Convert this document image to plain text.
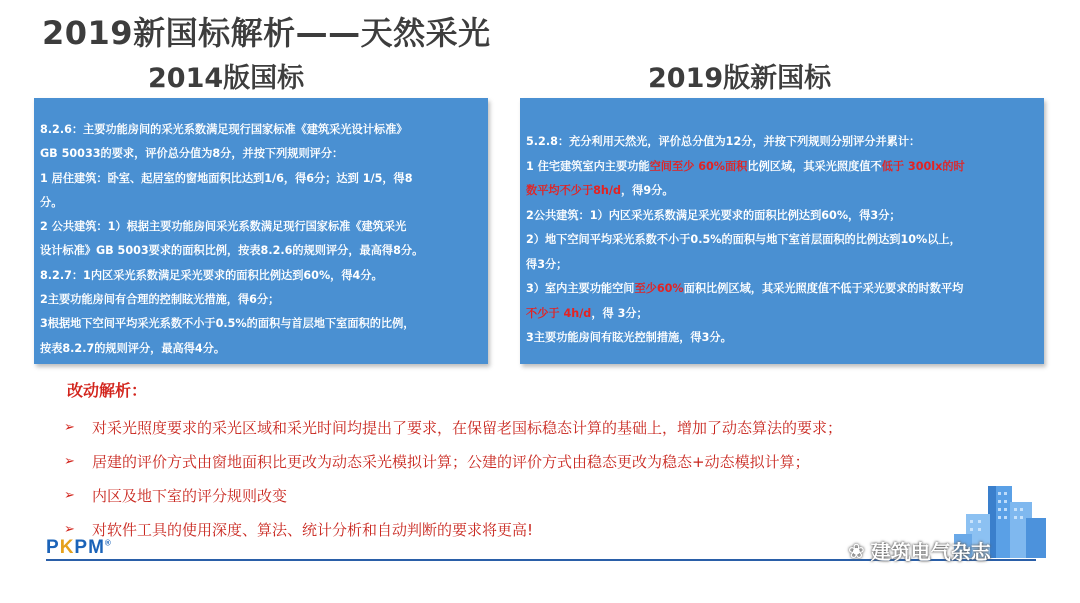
2019新国标解析——天然采光
2014版国标	2019版新国标

8.2.6：主要功能房间的采光系数满足现行国家标准《建筑采光设计标准》

GB 50033的要求，评价总分值为8分，并按下列规则评分：

1 居住建筑：卧室、起居室的窗地面积比达到1/6，得6分；达到 1/5，得8

分。

2 公共建筑：1）根据主要功能房间采光系数满足现行国家标准《建筑采光

设计标准》GB 5003要求的面积比例，按表8.2.6的规则评分，最高得8分。

8.2.7：1内区采光系数满足采光要求的面积比例达到60%，得4分。

2主要功能房间有合理的控制眩光措施，得6分；

3根据地下空间平均采光系数不小于0.5%的面积与首层地下室面积的比例，

按表8.2.7的规则评分，最高得4分。

5.2.8：充分利用天然光，评价总分值为12分，并按下列规则分别评分并累计：

1 住宅建筑室内主要功能空间至少 60%面积比例区域，其采光照度值不低于 300lx的时

数平均不少于8h/d，得9分。

2公共建筑：1）内区采光系数满足采光要求的面积比例达到60%，得3分；

2）地下空间平均采光系数不小于0.5%的面积与地下室首层面积的比例达到10%以上，

得3分；

3）室内主要功能空间至少60%面积比例区域，其采光照度值不低于采光要求的时数平均

不少于 4h/d，得 3分；

3主要功能房间有眩光控制措施，得3分。

改动解析：
➢	对采光照度要求的采光区域和采光时间均提出了要求，在保留老国标稳态计算的基础上，增加了动态算法的要求；
➢	居建的评价方式由窗地面积比更改为动态采光模拟计算；公建的评价方式由稳态更改为稳态+动态模拟计算；
➢	内区及地下室的评分规则改变
➢	对软件工具的使用深度、算法、统计分析和自动判断的要求将更高!
PKPM®	❀ 建筑电气杂志
